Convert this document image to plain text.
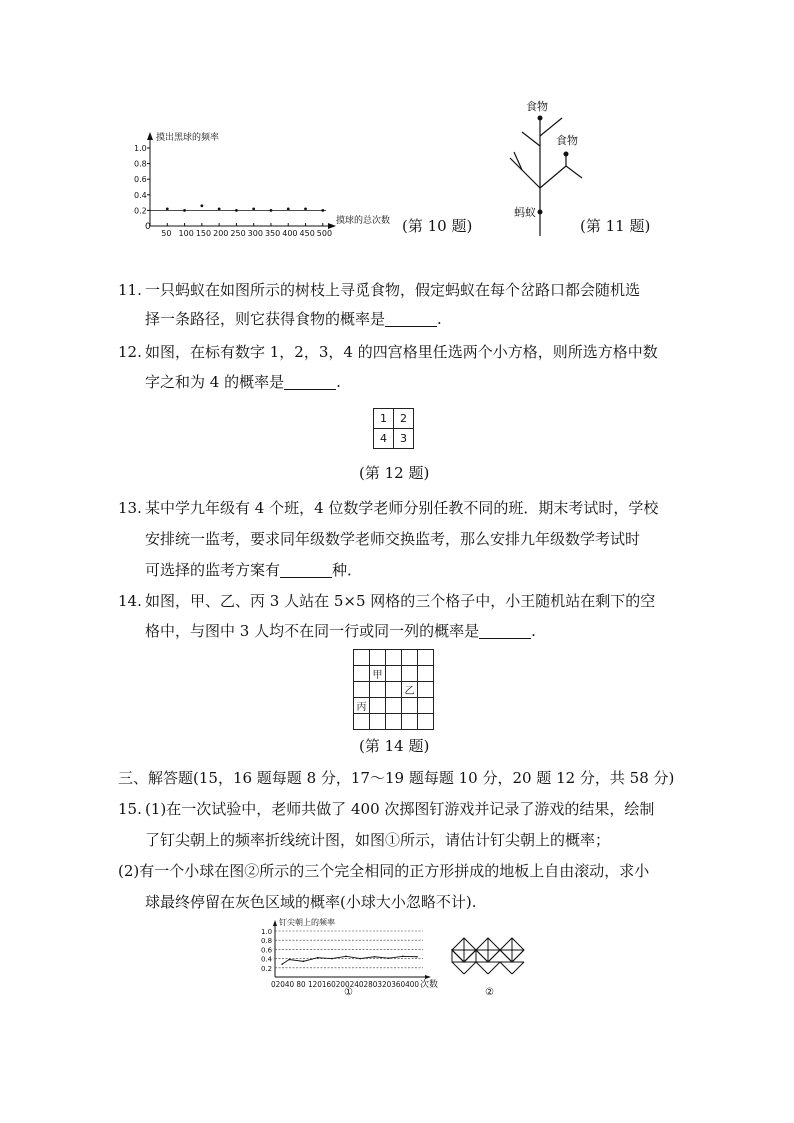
摸出黑球的频率
摸球的总次数
0
1.0
0.8
0.6
0.4
0.2
50 100 150 200 250 300 350 400 450 500	(第 10 题)
食物
食物
蚂蚁
(第 11 题)
11. 一只蚂蚁在如图所示的树枝上寻觅食物，假定蚂蚁在每个岔路口都会随机选
择一条路径，则它获得食物的概率是	.
12. 如图，在标有数字 1，2，3，4 的四宫格里任选两个小方格，则所选方格中数
字之和为 4 的概率是	.
1	2
4	3
(第 12 题)
13. 某中学九年级有 4 个班，4 位数学老师分别任教不同的班．期末考试时，学校
安排统一监考，要求同年级数学老师交换监考，那么安排九年级数学考试时
可选择的监考方案有	种．
14. 如图，甲、乙、丙 3 人站在 5×5 网格的三个格子中，小王随机站在剩下的空
格中，与图中 3 人均不在同一行或同一列的概率是	.

	甲			
			乙	
丙				

(第 14 题)
三、解答题(15，16 题每题 8 分，17～19 题每题 10 分，20 题 12 分，共 58 分)
15. (1)在一次试验中，老师共做了 400 次掷图钉游戏并记录了游戏的结果，绘制
了钉尖朝上的频率折线统计图，如图①所示，请估计钉尖朝上的概率；
(2)有一个小球在图②所示的三个完全相同的正方形拼成的地板上自由滚动，求小
球最终停留在灰色区域的概率(小球大小忽略不计).
钉尖朝上的频率
次数
02040 80 120160200240280320360400
1.0
0.8
0.6
0.4
0.2
①	②
